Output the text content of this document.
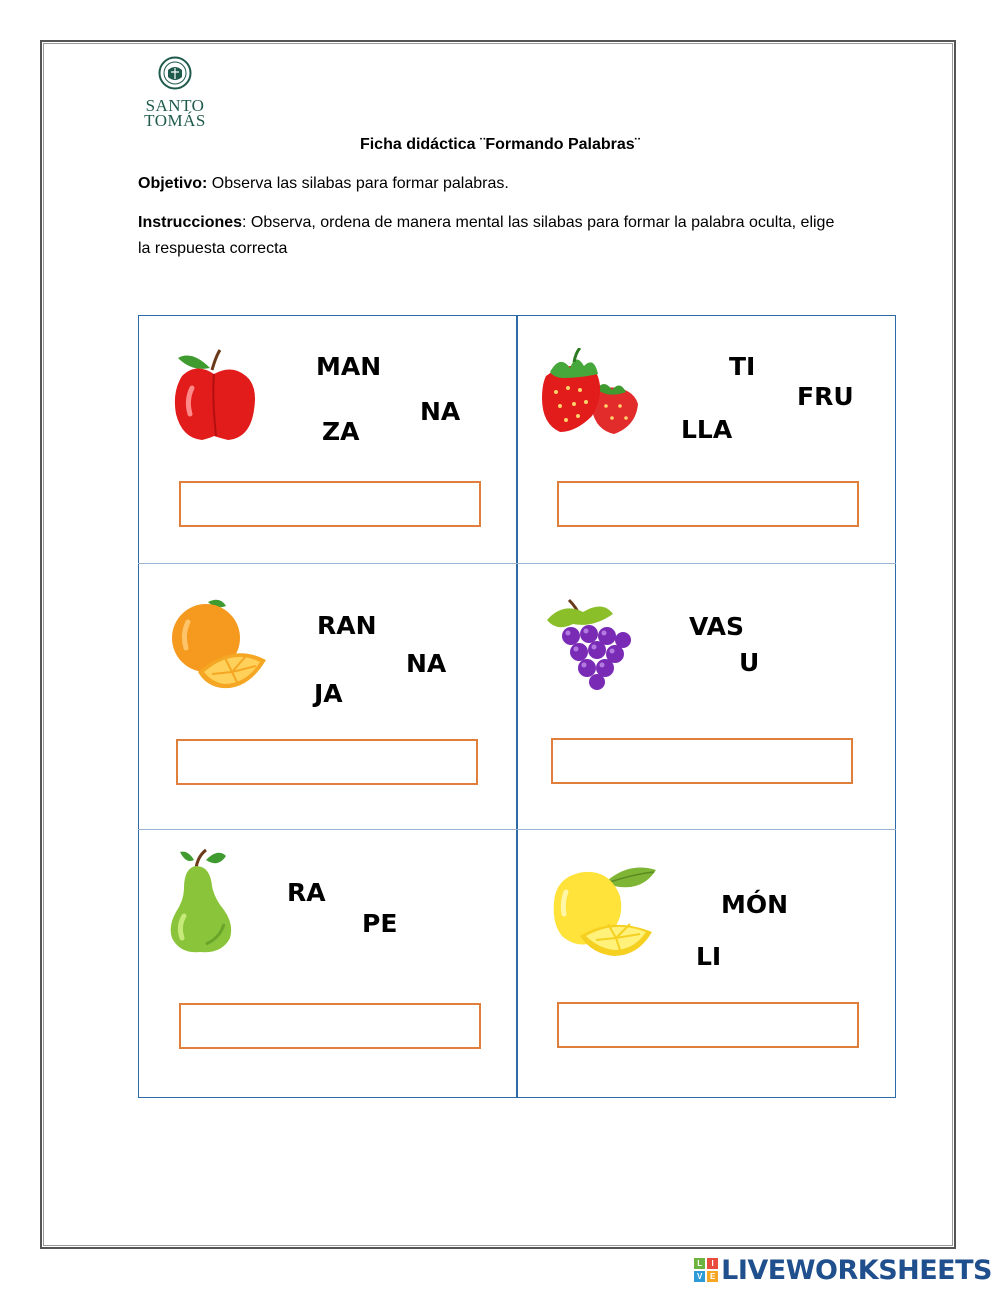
SANTO
TOMÁS
Ficha didáctica ¨Formando Palabras¨
Objetivo: Observa las silabas para formar palabras.
Instrucciones: Observa, ordena de manera mental las silabas para formar la palabra oculta, elige la respuesta correcta
MAN
NA
ZA
TI
FRU
LLA
RAN
NA
JA
VAS
U
RA
PE
MÓN
LI
L	I
V E LIVEWORKSHEETS
